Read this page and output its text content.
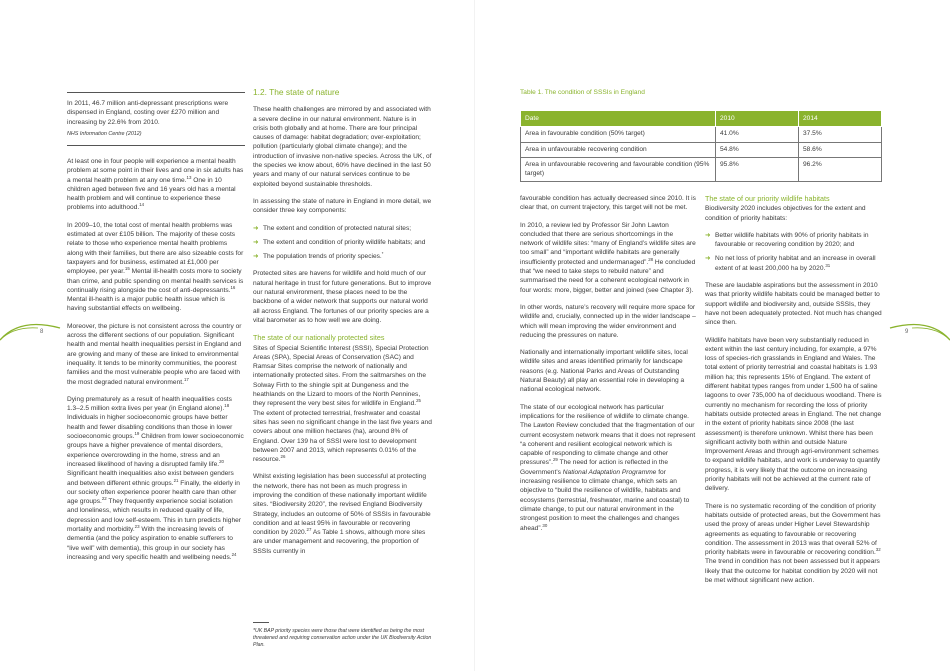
8
In 2011, 46.7 million anti-depressant prescriptions were dispensed in England, costing over £270 million and increasing by 22.6% from 2010.
NHS Information Centre (2012)

At least one in four people will experience a mental health problem at some point in their lives and one in six adults has a mental health problem at any one time.$^{13}$ One in 10 children aged between five and 16 years old has a mental health problem and will continue to experience these problems into adulthood.$^{14}$

In 2009–10, the total cost of mental health problems was estimated at over £105 billion. The majority of these costs relate to those who experience mental health problems along with their families, but there are also sizeable costs for taxpayers and for business, estimated at £1,000 per employee, per year.$^{15}$ Mental ill-health costs more to society than crime, and public spending on mental health services is continually rising alongside the cost of anti-depressants.$^{16}$ Mental ill-health is a major public health issue which is having substantial effects on wellbeing.

Moreover, the picture is not consistent across the country or across the different sections of our population. Significant health and mental health inequalities persist in England and are growing and many of these are linked to environmental inequality. It tends to be minority communities, the poorest families and the most vulnerable people who are faced with the most degraded natural environment.$^{17}$

Dying prematurely as a result of health inequalities costs 1.3–2.5 million extra lives per year (in England alone).$^{18}$ Individuals in higher socioeconomic groups have better health and fewer disabling conditions than those in lower socioeconomic groups.$^{19}$ Children from lower socioeconomic groups have a higher prevalence of mental disorders, experience overcrowding in the home, stress and an increased likelihood of having a disrupted family life.$^{20}$ Significant health inequalities also exist between genders and between different ethnic groups.$^{21}$ Finally, the elderly in our society often experience poorer health care than other age groups.$^{22}$ They frequently experience social isolation and loneliness, which results in reduced quality of life, depression and low self-esteem. This in turn predicts higher mortality and morbidity.$^{23}$ With the increasing levels of dementia (and the policy aspiration to enable sufferers to “live well” with dementia), this group in our society has increasing and very specific health and wellbeing needs.$^{24}$

1.2. The state of nature

These health challenges are mirrored by and associated with a severe decline in our natural environment. Nature is in crisis both globally and at home. There are four principal causes of damage: habitat degradation; over-exploitation; pollution (particularly global climate change); and the introduction of invasive non-native species. Across the UK, of the species we know about, 60% have declined in the last 50 years and many of our natural services continue to be exploited beyond sustainable thresholds.

In assessing the state of nature in England in more detail, we consider three key components:

➜ The extent and condition of protected natural sites;
➜ The extent and condition of priority wildlife habitats; and
➜ The population trends of priority species.*

Protected sites are havens for wildlife and hold much of our natural heritage in trust for future generations. But to improve our natural environment, these places need to be the backbone of a wider network that supports our natural world all across England. The fortunes of our priority species are a vital barometer as to how well we are doing.

The state of our nationally protected sites

Sites of Special Scientific Interest (SSSI), Special Protection Areas (SPA), Special Areas of Conservation (SAC) and Ramsar Sites comprise the network of nationally and internationally protected sites. From the saltmarshes on the Solway Firth to the shingle spit at Dungeness and the heathlands on the Lizard to moors of the North Pennines, they represent the very best sites for wildlife in England.$^{25}$ The extent of protected terrestrial, freshwater and coastal sites has seen no significant change in the last five years and covers about one million hectares (ha), around 8% of England. Over 139 ha of SSSI were lost to development between 2007 and 2013, which represents 0.01% of the resource.$^{26}$

Whilst existing legislation has been successful at protecting the network, there has not been as much progress in improving the condition of these nationally important wildlife sites. “Biodiversity 2020”, the revised England Biodiversity Strategy, includes an outcome of 50% of SSSIs in favourable condition and at least 95% in favourable or recovering condition by 2020.27 As Table 1 shows, although more sites are under management and recovering, the proportion of SSSIs currently in

*UK BAP priority species were those that were identified as being the most threatened and requiring conservation action under the UK Biodiversity Action Plan.
9
Table 1. The condition of SSSIs in England
Date	2010	2014
Area in favourable condition (50% target)	41.0%	37.5%
Area in unfavourable recovering condition	54.8%	58.6%
Area in unfavourable recovering and favourable condition (95% target)	95.8%	96.2%

favourable condition has actually decreased since 2010. It is clear that, on current trajectory, this target will not be met.

In 2010, a review led by Professor Sir John Lawton concluded that there are serious shortcomings in the network of wildlife sites: “many of England’s wildlife sites are too small” and “important wildlife habitats are generally insufficiently protected and undermanaged”.$^{28}$ He concluded that “we need to take steps to rebuild nature” and summarised the need for a coherent ecological network in four words: more, bigger, better and joined (see Chapter 3).

In other words, nature’s recovery will require more space for wildlife and, crucially, connected up in the wider landscape – which will mean improving the wider environment and reducing the pressures on nature.

Nationally and internationally important wildlife sites, local wildlife sites and areas identified primarily for landscape reasons (e.g. National Parks and Areas of Outstanding Natural Beauty) all play an essential role in developing a national ecological network.

The state of our ecological network has particular implications for the resilience of wildlife to climate change. The Lawton Review concluded that the fragmentation of our current ecosystem network means that it does not represent “a coherent and resilient ecological network which is capable of responding to climate change and other pressures”.$^{29}$ The need for action is reflected in the Government’s National Adaptation Programme for increasing resilience to climate change, which sets an objective to “build the resilience of wildlife, habitats and ecosystems (terrestrial, freshwater, marine and coastal) to climate change, to put our natural environment in the strongest position to meet the challenges and changes ahead”.$^{30}$

The state of our priority wildlife habitats

Biodiversity 2020 includes objectives for the extent and condition of priority habitats:

➜ Better wildlife habitats with 90% of priority habitats in favourable or recovering condition by 2020; and
➜ No net loss of priority habitat and an increase in overall extent of at least 200,000 ha by 2020.31

These are laudable aspirations but the assessment in 2010 was that priority wildlife habitats could be managed better to support wildlife and biodiversity and, outside SSSIs, they have not been adequately protected. Not much has changed since then.

Wildlife habitats have been very substantially reduced in extent within the last century including, for example, a 97% loss of species-rich grasslands in England and Wales. The total extent of priority terrestrial and coastal habitats is 1.93 million ha; this represents 15% of England. The extent of different habitat types ranges from under 1,500 ha of saline lagoons to over 735,000 ha of deciduous woodland. There is currently no mechanism for recording the loss of priority habitats outside protected areas in England. The net change in the extent of priority habitats since 2008 (the last assessment) is therefore unknown. Whilst there has been significant activity both within and outside Nature Improvement Areas and through agri-environment schemes to expand wildlife habitats, and work is underway to quantify progress, it is very likely that the outcome on increasing priority habitats will not be achieved at the current rate of delivery.

There is no systematic recording of the condition of priority habitats outside of protected areas, but the Government has used the proxy of areas under Higher Level Stewardship agreements as equating to favourable or recovering condition. The assessment in 2013 was that overall 52% of priority habitats were in favourable or recovering condition.$^{32}$ The trend in condition has not been assessed but it appears likely that the outcome for habitat condition by 2020 will not be met without significant new action.
